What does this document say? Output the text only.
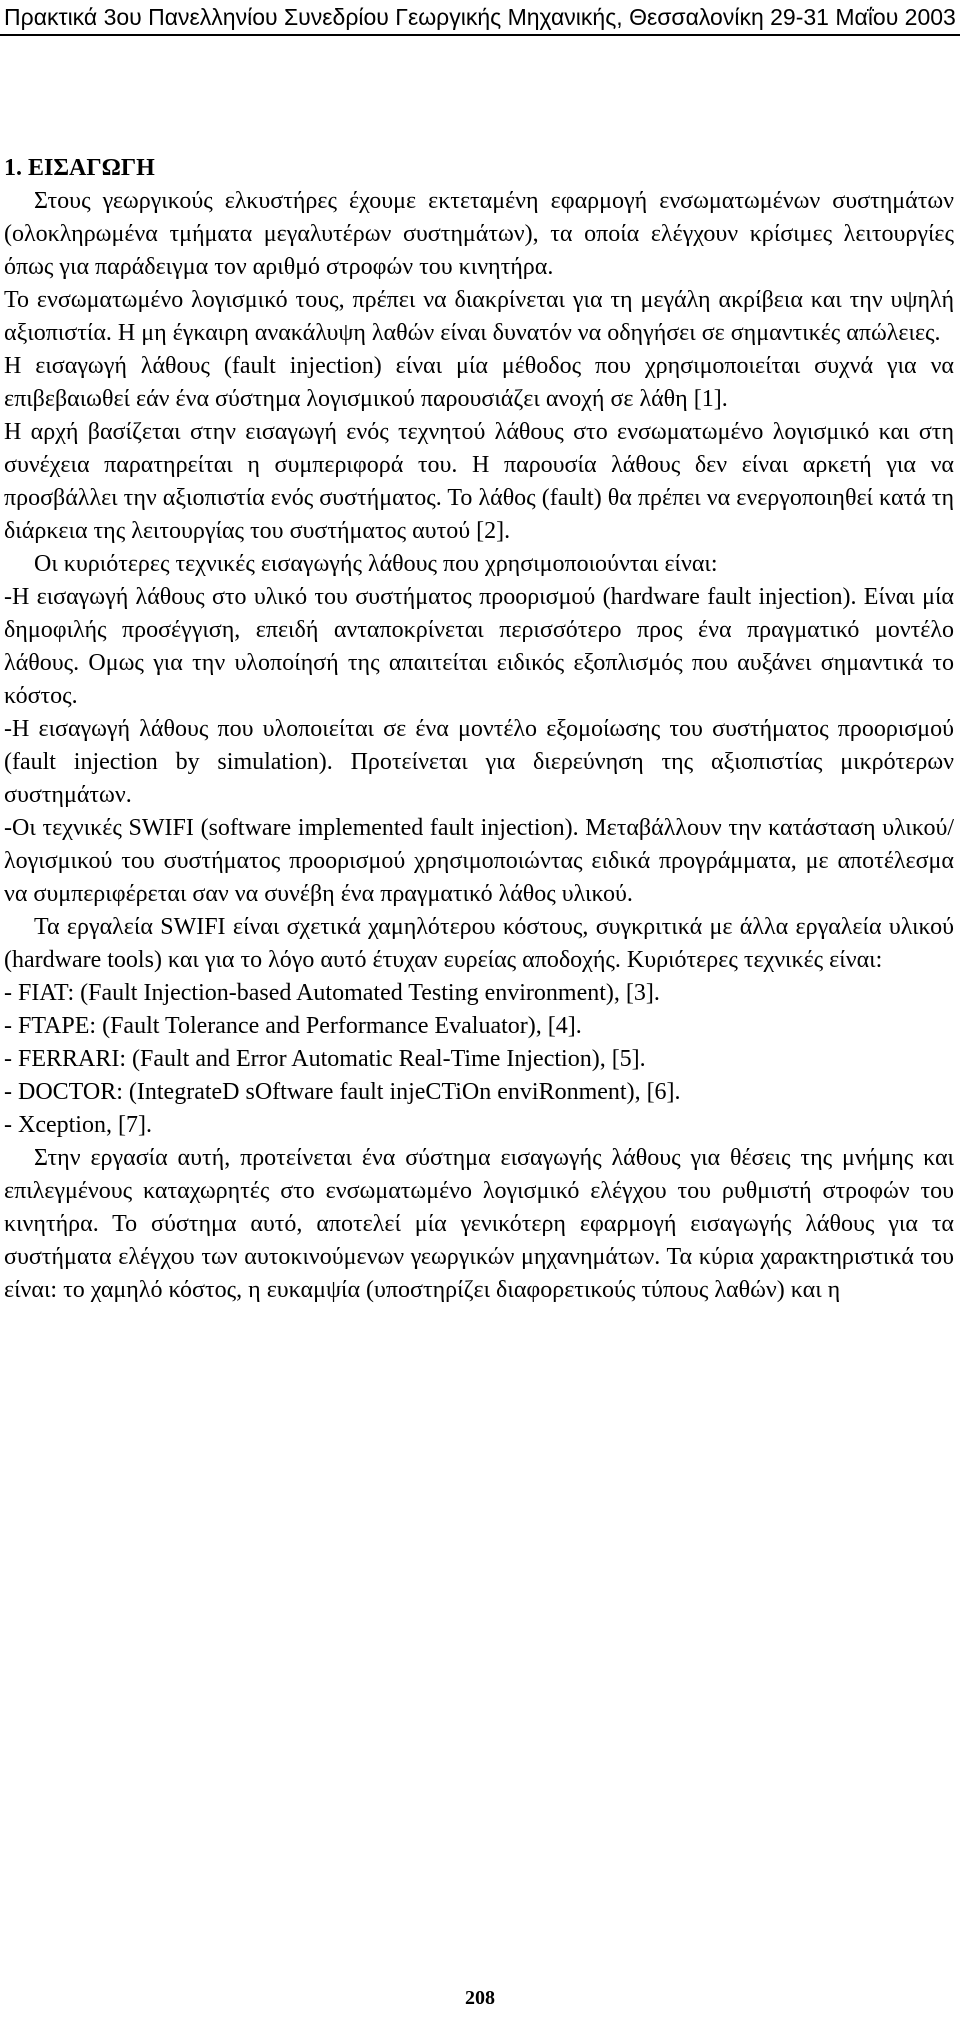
Πρακτικά 3ου Πανελληνίου Συνεδρίου Γεωργικής Μηχανικής, Θεσσαλονίκη 29-31 Μαΐου 2003
1. ΕΙΣΑΓΩΓΗ

Στους γεωργικούς ελκυστήρες έχουμε εκτεταμένη εφαρμογή ενσωματωμένων συστημάτων (ολοκληρωμένα τμήματα μεγαλυτέρων συστημάτων), τα οποία ελέγχουν κρίσιμες λειτουργίες όπως για παράδειγμα τον αριθμό στροφών του κινητήρα.

Το ενσωματωμένο λογισμικό τους, πρέπει να διακρίνεται για τη μεγάλη ακρίβεια και την υψηλή αξιοπιστία. Η μη έγκαιρη ανακάλυψη λαθών είναι δυνατόν να οδηγήσει σε σημαντικές απώλειες.

Η εισαγωγή λάθους (fault injection) είναι μία μέθοδος που χρησιμοποιείται συχνά για να επιβεβαιωθεί εάν ένα σύστημα λογισμικού παρουσιάζει ανοχή σε λάθη [1].

Η αρχή βασίζεται στην εισαγωγή ενός τεχνητού λάθους στο ενσωματωμένο λογισμικό και στη συνέχεια παρατηρείται η συμπεριφορά του. Η παρουσία λάθους δεν είναι αρκετή για να προσβάλλει την αξιοπιστία ενός συστήματος. Το λάθος (fault) θα πρέπει να ενεργοποιηθεί κατά τη διάρκεια της λειτουργίας του συστήματος αυτού [2].

Οι κυριότερες τεχνικές εισαγωγής λάθους που χρησιμοποιούνται είναι:

-Η εισαγωγή λάθους στο υλικό του συστήματος προορισμού (hardware fault injection). Είναι μία δημοφιλής προσέγγιση, επειδή ανταποκρίνεται περισσότερο προς ένα πραγματικό μοντέλο λάθους. Ομως για την υλοποίησή της απαιτείται ειδικός εξοπλισμός που αυξάνει σημαντικά το κόστος.

-Η εισαγωγή λάθους που υλοποιείται σε ένα μοντέλο εξομοίωσης του συστήματος προορισμού (fault injection by simulation). Προτείνεται για διερεύνηση της αξιοπιστίας μικρότερων συστημάτων.

-Οι τεχνικές SWIFI (software implemented fault injection). Μεταβάλλουν την κατάσταση υλικού/λογισμικού του συστήματος προορισμού χρησιμοποιώντας ειδικά προγράμματα, με αποτέλεσμα να συμπεριφέρεται σαν να συνέβη ένα πραγματικό λάθος υλικού.

Τα εργαλεία SWIFI είναι σχετικά χαμηλότερου κόστους, συγκριτικά με άλλα εργαλεία υλικού (hardware tools) και για το λόγο αυτό έτυχαν ευρείας αποδοχής. Κυριότερες τεχνικές είναι:

- FIAT: (Fault Injection-based Automated Testing environment), [3].

- FTAPE: (Fault Tolerance and Performance Evaluator), [4].

- FERRARI: (Fault and Error Automatic Real-Time Injection), [5].

- DOCTOR: (IntegrateD sOftware fault injeCTiOn enviRonment), [6].

- Xception, [7].

Στην εργασία αυτή, προτείνεται ένα σύστημα εισαγωγής λάθους για θέσεις της μνήμης και επιλεγμένους καταχωρητές στο ενσωματωμένο λογισμικό ελέγχου του ρυθμιστή στροφών του κινητήρα. Το σύστημα αυτό, αποτελεί μία γενικότερη εφαρμογή εισαγωγής λάθους για τα συστήματα ελέγχου των αυτοκινούμενων γεωργικών μηχανημάτων. Τα κύρια χαρακτηριστικά του είναι: το χαμηλό κόστος, η ευκαμψία (υποστηρίζει διαφορετικούς τύπους λαθών) και η

208
